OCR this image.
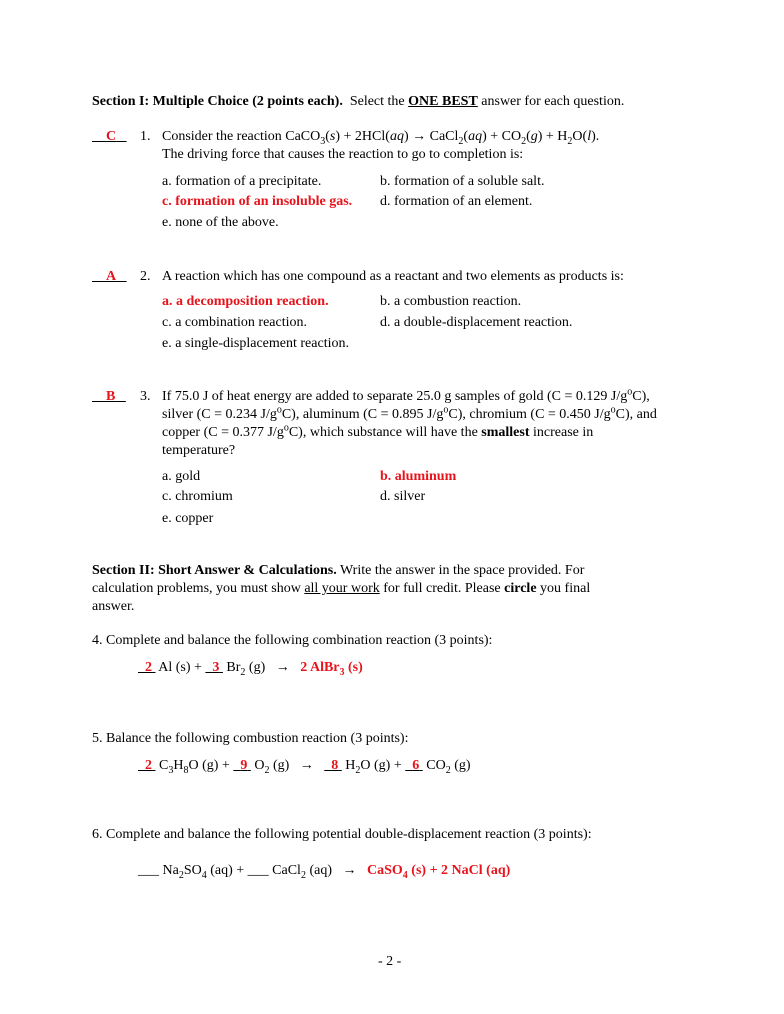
Section I: Multiple Choice (2 points each). Select the ONE BEST answer for each question.
C	1. Consider the reaction CaCO$_3$(s) + 2HCl(aq) → CaCl$_2$(aq) + $CO_2(g) + H_2O(l)$.
The driving force that causes the reaction to go to completion is:
a. formation of a precipitate.	b. formation of a soluble salt.
c. formation of an insoluble gas. d. formation of an element.
e. none of the above.
A	2. A reaction which has one compound as a reactant and two elements as products is:
a. a decomposition reaction.	b. a combustion reaction.
c. a combination reaction.	d. a double-displacement reaction.
e. a single-displacement reaction.
B	3. If 75.0 J of heat energy are added to separate 25.0 g samples of gold (C = 0.129 $J/g^oC$),
silver (C = 0.234 $J/g^oC$), aluminum (C = 0.895 $J/g^oC$), chromium (C = 0.450 $J/g^oC$), and
copper (C = 0.377 $J/g^oC$), which substance will have the smallest increase in
temperature?
a. gold	b. aluminum
c. chromium	d. silver
e. copper
Section II: Short Answer & Calculations. Write the answer in the space provided. For
calculation problems, you must show all your work for full credit. Please circle you final
answer.
4. Complete and balance the following combination reaction (3 points):
2 Al (s) +   3 $Br_2$ (g) → 2 AlBr$_3$ (s)
5. Balance the following combustion reaction (3 points):
2 $C_3H_8O$ (g) +   9 $O_2$ (g) → 8 $H_2O$ (g) +   6 $CO_2$ (g)
6. Complete and balance the following potential double-displacement reaction (3 points):
___ $Na_2SO_4$ (aq) + ___ CaCl$_2$ (aq) → CaSO$_4$ (s) + 2 NaCl (aq)
- 2 -
